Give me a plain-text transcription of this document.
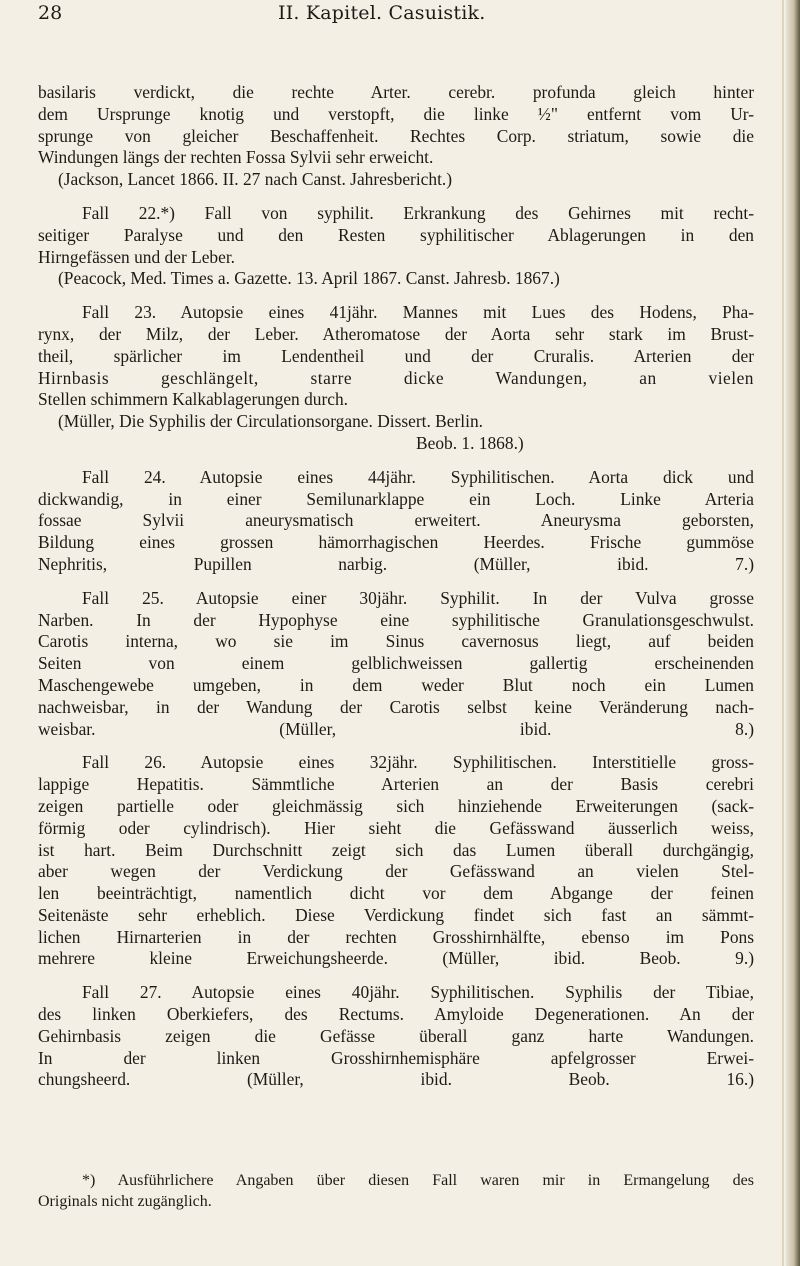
28	II. Kapitel. Casuistik.
basilaris verdickt, die rechte Arter. cerebr. profunda gleich hinter
dem Ursprunge knotig und verstopft, die linke ½" entfernt vom Ur-
sprunge von gleicher Beschaffenheit. Rechtes Corp. striatum, sowie die
Windungen längs der rechten Fossa Sylvii sehr erweicht.
(Jackson, Lancet 1866. II. 27 nach Canst. Jahresbericht.)
Fall 22.*) Fall von syphilit. Erkrankung des Gehirnes mit recht-
seitiger Paralyse und den Resten syphilitischer Ablagerungen in den
Hirngefässen und der Leber.
(Peacock, Med. Times a. Gazette. 13. April 1867. Canst. Jahresb. 1867.)
Fall 23. Autopsie eines 41jähr. Mannes mit Lues des Hodens, Pha-
rynx, der Milz, der Leber. Atheromatose der Aorta sehr stark im Brust-
theil, spärlicher im Lendentheil und der Cruralis. Arterien der
Hirnbasis geschlängelt, starre dicke Wandungen, an vielen
Stellen schimmern Kalkablagerungen durch.
(Müller, Die Syphilis der Circulationsorgane. Dissert. Berlin.
Beob. 1. 1868.)
Fall 24. Autopsie eines 44jähr. Syphilitischen. Aorta dick und
dickwandig, in einer Semilunarklappe ein Loch. Linke Arteria
fossae Sylvii aneurysmatisch erweitert. Aneurysma geborsten,
Bildung eines grossen hämorrhagischen Heerdes. Frische gummöse
Nephritis, Pupillen narbig. (Müller, ibid. 7.)
Fall 25. Autopsie einer 30jähr. Syphilit. In der Vulva grosse
Narben. In der Hypophyse eine syphilitische Granulationsgeschwulst.
Carotis interna, wo sie im Sinus cavernosus liegt, auf beiden
Seiten von einem gelblichweissen gallertig erscheinenden
Maschengewebe umgeben, in dem weder Blut noch ein Lumen
nachweisbar, in der Wandung der Carotis selbst keine Veränderung nach-
weisbar. (Müller, ibid. 8.)
Fall 26. Autopsie eines 32jähr. Syphilitischen. Interstitielle gross-
lappige Hepatitis. Sämmtliche Arterien an der Basis cerebri
zeigen partielle oder gleichmässig sich hinziehende Erweiterungen (sack-
förmig oder cylindrisch). Hier sieht die Gefässwand äusserlich weiss,
ist hart. Beim Durchschnitt zeigt sich das Lumen überall durchgängig,
aber wegen der Verdickung der Gefässwand an vielen Stel-
len beeinträchtigt, namentlich dicht vor dem Abgange der feinen
Seitenäste sehr erheblich. Diese Verdickung findet sich fast an sämmt-
lichen Hirnarterien in der rechten Grosshirnhälfte, ebenso im Pons
mehrere kleine Erweichungsheerde. (Müller, ibid. Beob. 9.)
Fall 27. Autopsie eines 40jähr. Syphilitischen. Syphilis der Tibiae,
des linken Oberkiefers, des Rectums. Amyloide Degenerationen. An der
Gehirnbasis zeigen die Gefässe überall ganz harte Wandungen.
In der linken Grosshirnhemisphäre apfelgrosser Erwei-
chungsheerd. (Müller, ibid. Beob. 16.)
*) Ausführlichere Angaben über diesen Fall waren mir in Ermangelung des
Originals nicht zugänglich.
